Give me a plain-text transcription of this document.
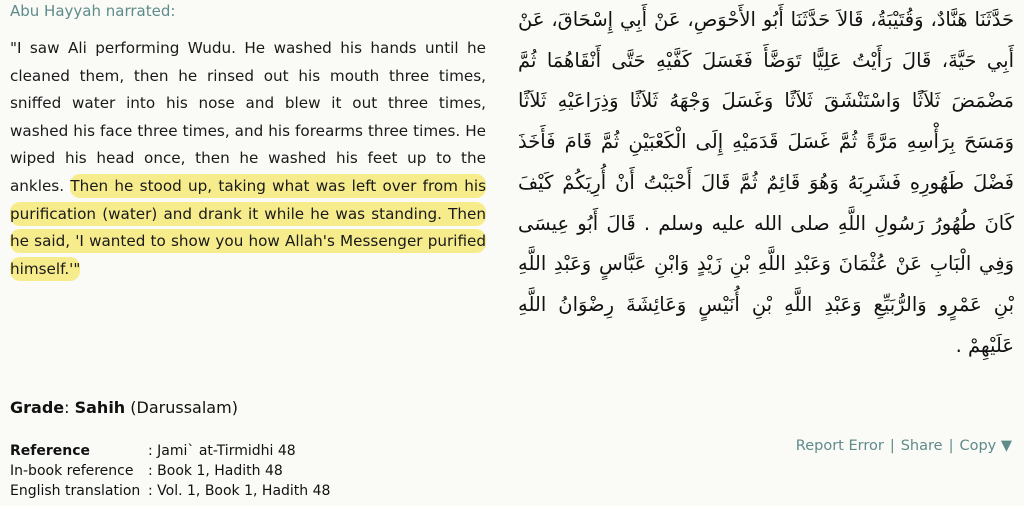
Abu Hayyah narrated:
"I saw Ali performing Wudu. He washed his hands until he cleaned them, then he rinsed out his mouth three times, sniffed water into his nose and blew it out three times, washed his face three times, and his forearms three times. He wiped his head once, then he washed his feet up to the ankles. Then he stood up, taking what was left over from his purification (water) and drank it while he was standing. Then he said, 'I wanted to show you how Allah's Messenger purified himself.'"
حَدَّثَنَا هَنَّادٌ، وَقُتَيْبَةُ، قَالاَ حَدَّثَنَا أَبُو الأَحْوَصِ، عَنْ أَبِي إِسْحَاقَ، عَنْ أَبِي حَيَّةَ، قَالَ رَأَيْتُ عَلِيًّا تَوَضَّأَ فَغَسَلَ كَفَّيْهِ حَتَّى أَنْقَاهُمَا ثُمَّ مَضْمَضَ ثَلاَثًا وَاسْتَنْشَقَ ثَلاَثًا وَغَسَلَ وَجْهَهُ ثَلاَثًا وَذِرَاعَيْهِ ثَلاَثًا وَمَسَحَ بِرَأْسِهِ مَرَّةً ثُمَّ غَسَلَ قَدَمَيْهِ إِلَى الْكَعْبَيْنِ ثُمَّ قَامَ فَأَخَذَ فَضْلَ طَهُورِهِ فَشَرِبَهُ وَهُوَ قَائِمٌ ثُمَّ قَالَ أَحْبَبْتُ أَنْ أُرِيَكُمْ كَيْفَ كَانَ طُهُورُ رَسُولِ اللَّهِ صلى الله عليه وسلم ‏.‏ قَالَ أَبُو عِيسَى وَفِي الْبَابِ عَنْ عُثْمَانَ وَعَبْدِ اللَّهِ بْنِ زَيْدٍ وَابْنِ عَبَّاسٍ وَعَبْدِ اللَّهِ بْنِ عَمْرٍو وَالرُّبَيِّعِ وَعَبْدِ اللَّهِ بْنِ أُنَيْسٍ وَعَائِشَةَ رِضْوَانُ اللَّهِ عَلَيْهِمْ ‏.‏
Grade: Sahih (Darussalam)
Reference	: Jami` at-Tirmidhi 48
In-book reference	: Book 1, Hadith 48
English translation : Vol. 1, Book 1, Hadith 48
Report Error | Share | Copy ▼
